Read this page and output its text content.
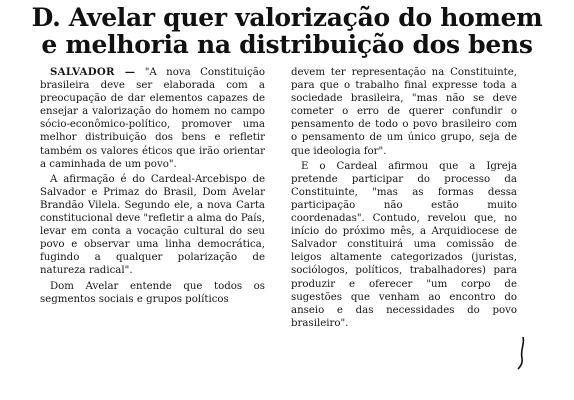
D. Avelar quer valorização do homem
e melhoria na distribuição dos bens

SALVADOR — "A nova Constituição brasileira deve ser elaborada com a preocupação de dar elementos capazes de ensejar a valorização do homem no campo sócio-econômico-político, promover uma melhor distribuição dos bens e refletir também os valores éticos que irão orientar a caminhada de um povo".

A afirmação é do Cardeal-Arcebispo de Salvador e Primaz do Brasil, Dom Avelar Brandão Vilela. Segundo ele, a nova Carta constitucional deve "refletir a alma do País, levar em conta a vocação cultural do seu povo e observar uma linha democrática, fugindo a qualquer polarização de natureza radical".

Dom Avelar entende que todos os segmentos sociais e grupos políticos

devem ter representação na Constituinte, para que o trabalho final expresse toda a sociedade brasileira, "mas não se deve cometer o erro de querer confundir o pensamento de todo o povo brasileiro com o pensamento de um único grupo, seja de que ideologia for".

E o Cardeal afirmou que a Igreja pretende participar do processo da Constituinte, "mas as formas dessa participação não estão muito coordenadas". Contudo, revelou que, no início do próximo mês, a Arquidiocese de Salvador constituirá uma comissão de leigos altamente categorizados (juristas, sociólogos, políticos, trabalhadores) para produzir e oferecer "um corpo de sugestões que venham ao encontro do anseio e das necessidades do povo brasileiro".
